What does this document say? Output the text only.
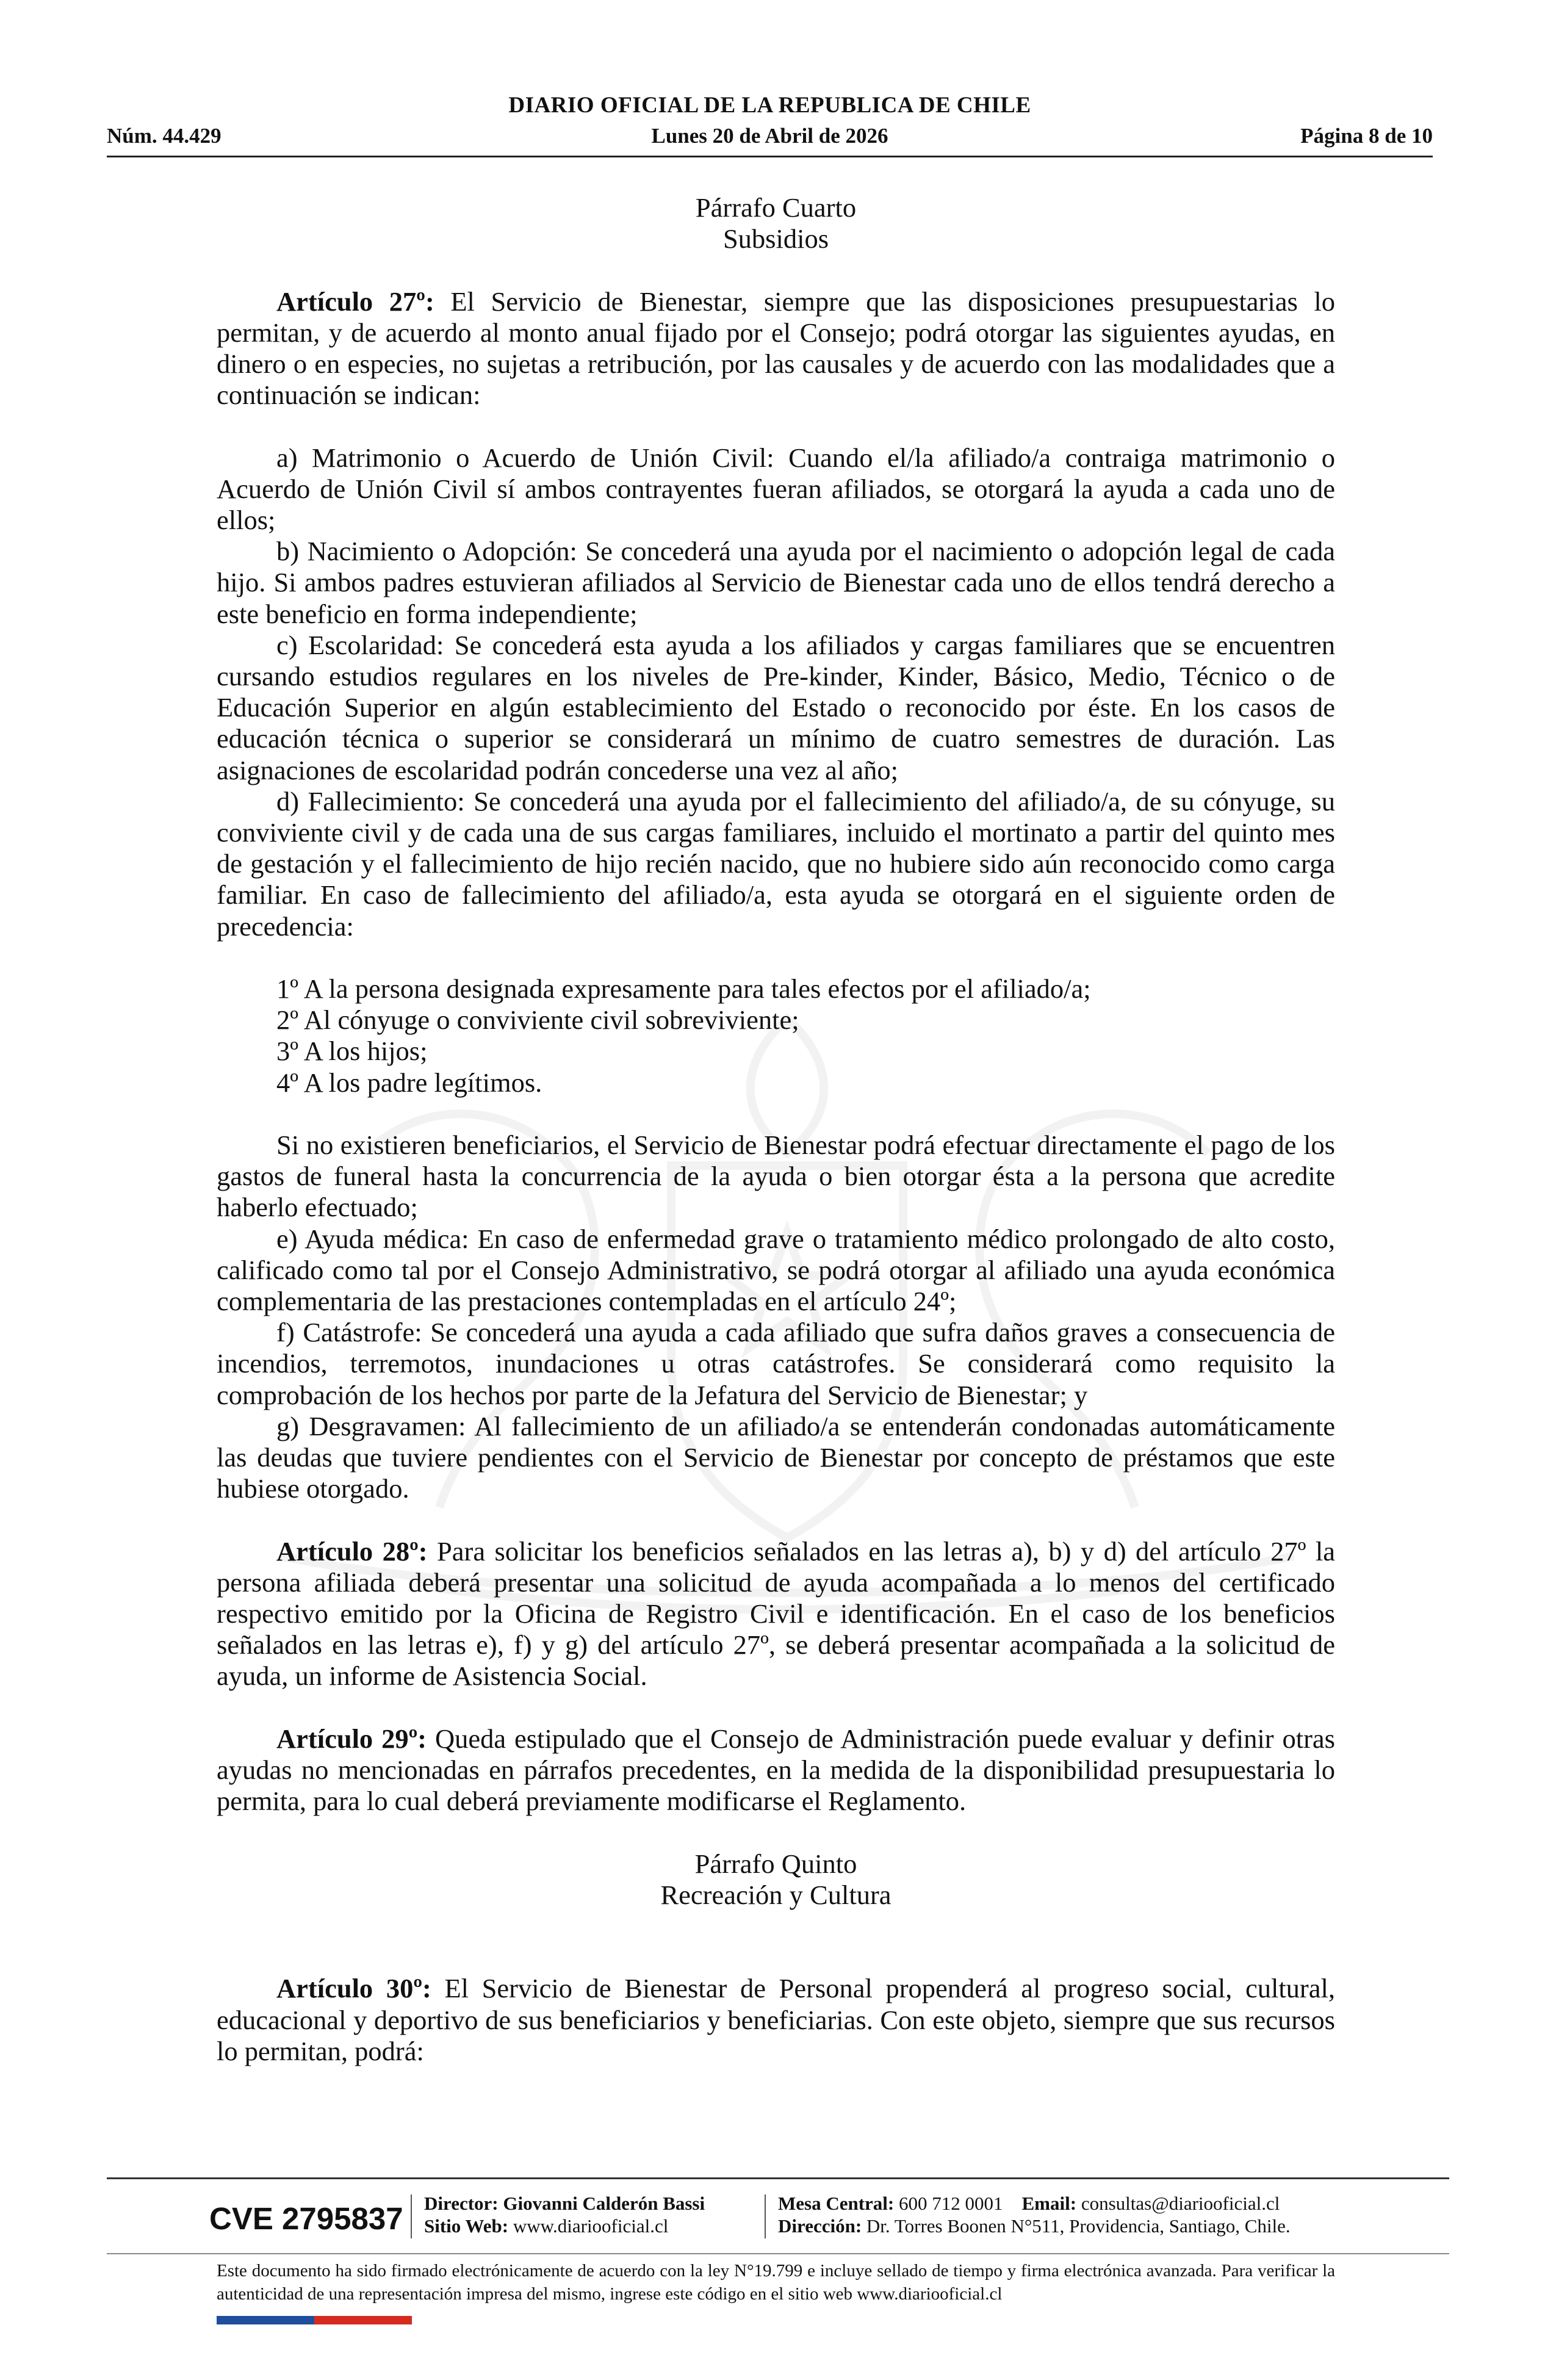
DIARIO OFICIAL DE LA REPUBLICA DE CHILE
Núm. 44.429	Lunes 20 de Abril de 2026	Página 8 de 10
Párrafo Cuarto
Subsidios

Artículo 27º: El Servicio de Bienestar, siempre que las disposiciones presupuestarias lo permitan, y de acuerdo al monto anual fijado por el Consejo; podrá otorgar las siguientes ayudas, en dinero o en especies, no sujetas a retribución, por las causales y de acuerdo con las modalidades que a continuación se indican:

a) Matrimonio o Acuerdo de Unión Civil: Cuando el/la afiliado/a contraiga matrimonio o Acuerdo de Unión Civil sí ambos contrayentes fueran afiliados, se otorgará la ayuda a cada uno de ellos;

b) Nacimiento o Adopción: Se concederá una ayuda por el nacimiento o adopción legal de cada hijo. Si ambos padres estuvieran afiliados al Servicio de Bienestar cada uno de ellos tendrá derecho a este beneficio en forma independiente;

c) Escolaridad: Se concederá esta ayuda a los afiliados y cargas familiares que se encuentren cursando estudios regulares en los niveles de Pre-kinder, Kinder, Básico, Medio, Técnico o de Educación Superior en algún establecimiento del Estado o reconocido por éste. En los casos de educación técnica o superior se considerará un mínimo de cuatro semestres de duración. Las asignaciones de escolaridad podrán concederse una vez al año;

d) Fallecimiento: Se concederá una ayuda por el fallecimiento del afiliado/a, de su cónyuge, su conviviente civil y de cada una de sus cargas familiares, incluido el mortinato a partir del quinto mes de gestación y el fallecimiento de hijo recién nacido, que no hubiere sido aún reconocido como carga familiar. En caso de fallecimiento del afiliado/a, esta ayuda se otorgará en el siguiente orden de precedencia:

1º A la persona designada expresamente para tales efectos por el afiliado/a;
2º Al cónyuge o conviviente civil sobreviviente;
3º A los hijos;
4º A los padre legítimos.

Si no existieren beneficiarios, el Servicio de Bienestar podrá efectuar directamente el pago de los gastos de funeral hasta la concurrencia de la ayuda o bien otorgar ésta a la persona que acredite haberlo efectuado;

e) Ayuda médica: En caso de enfermedad grave o tratamiento médico prolongado de alto costo, calificado como tal por el Consejo Administrativo, se podrá otorgar al afiliado una ayuda económica complementaria de las prestaciones contempladas en el artículo 24º;

f) Catástrofe: Se concederá una ayuda a cada afiliado que sufra daños graves a consecuencia de incendios, terremotos, inundaciones u otras catástrofes. Se considerará como requisito la comprobación de los hechos por parte de la Jefatura del Servicio de Bienestar; y

g) Desgravamen: Al fallecimiento de un afiliado/a se entenderán condonadas automáticamente las deudas que tuviere pendientes con el Servicio de Bienestar por concepto de préstamos que este hubiese otorgado.

Artículo 28º: Para solicitar los beneficios señalados en las letras a), b) y d) del artículo 27º la persona afiliada deberá presentar una solicitud de ayuda acompañada a lo menos del certificado respectivo emitido por la Oficina de Registro Civil e identificación. En el caso de los beneficios señalados en las letras e), f) y g) del artículo 27º, se deberá presentar acompañada a la solicitud de ayuda, un informe de Asistencia Social.

Artículo 29º: Queda estipulado que el Consejo de Administración puede evaluar y definir otras ayudas no mencionadas en párrafos precedentes, en la medida de la disponibilidad presupuestaria lo permita, para lo cual deberá previamente modificarse el Reglamento.

Párrafo Quinto
Recreación y Cultura

Artículo 30º: El Servicio de Bienestar de Personal propenderá al progreso social, cultural, educacional y deportivo de sus beneficiarios y beneficiarias. Con este objeto, siempre que sus recursos lo permitan, podrá:

CVE 2795837 Director: Giovanni Calderón Bassi
Sitio Web: www.diariooficial.cl
Mesa Central: 600 712 0001 Email: consultas@diariooficial.cl
Dirección: Dr. Torres Boonen N°511, Providencia, Santiago, Chile.
Este documento ha sido firmado electrónicamente de acuerdo con la ley N°19.799 e incluye sellado de tiempo y firma electrónica avanzada. Para verificar la autenticidad de una representación impresa del mismo, ingrese este código en el sitio web www.diariooficial.cl
